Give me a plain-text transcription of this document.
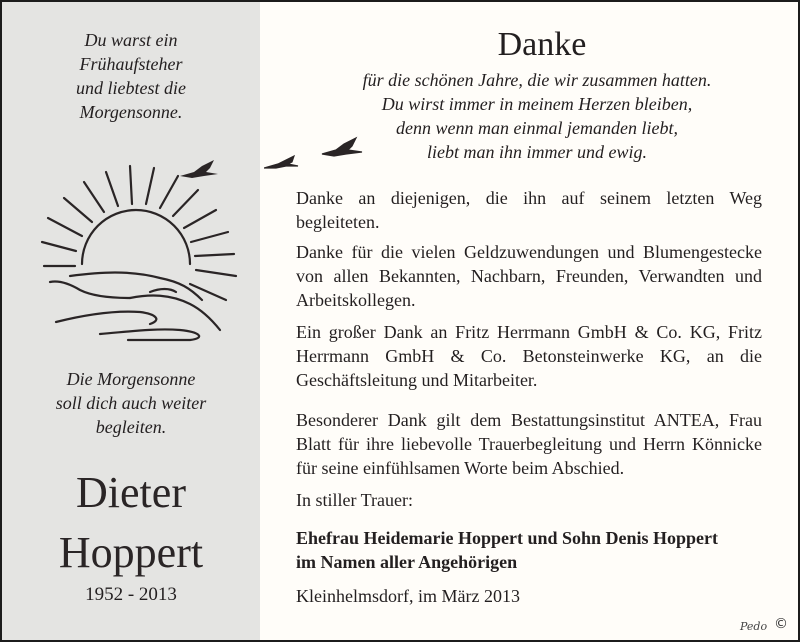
Du warst ein
Frühaufsteher
und liebtest die
Morgensonne.
Die Morgensonne
soll dich auch weiter
begleiten.
Dieter
Hoppert
1952 - 2013
Danke
für die schönen Jahre, die wir zusammen hatten.
Du wirst immer in meinem Herzen bleiben,
denn wenn man einmal jemanden liebt,
liebt man ihn immer und ewig.
Danke an diejenigen, die ihn auf seinem letzten Weg begleiteten.
Danke für die vielen Geldzuwendungen und Blumengestecke von allen Bekannten, Nachbarn, Freunden, Verwandten und Arbeitskollegen.
Ein großer Dank an Fritz Herrmann GmbH & Co. KG, Fritz Herrmann GmbH & Co. Betonsteinwerke KG, an die Geschäftsleitung und Mitarbeiter.
Besonderer Dank gilt dem Bestattungsinstitut ANTEA, Frau Blatt für ihre liebevolle Trauerbegleitung und Herrn Könnicke für seine einfühlsamen Worte beim Abschied.
In stiller Trauer:
Ehefrau Heidemarie Hoppert und Sohn Denis Hoppert
im Namen aller Angehörigen
Kleinhelmsdorf, im März 2013
Pedo ©
